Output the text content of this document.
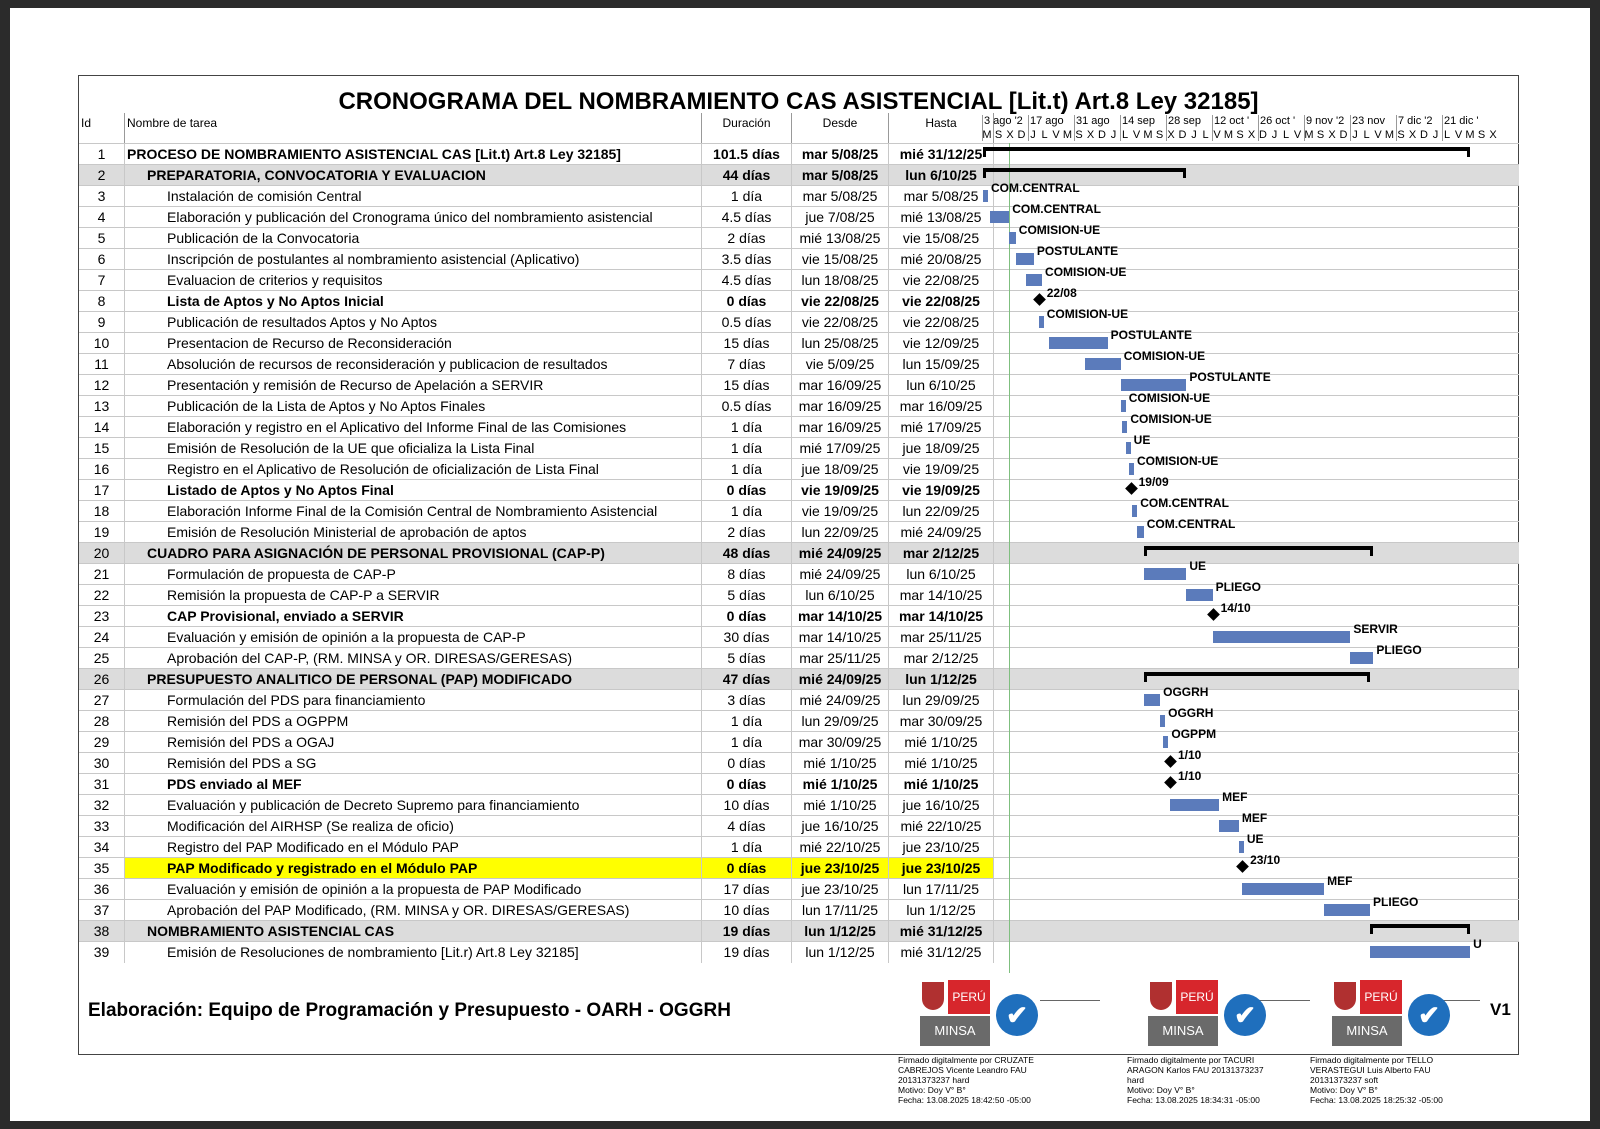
CRONOGRAMA DEL NOMBRAMIENTO CAS ASISTENCIAL [Lit.t) Art.8 Ley 32185]
Id	Nombre de tarea	Duración	Desde	Hasta
1	PROCESO DE NOMBRAMIENTO ASISTENCIAL CAS [Lit.t) Art.8 Ley 32185]	101.5 días	mar 5/08/25	mié 31/12/25
2	PREPARATORIA, CONVOCATORIA Y EVALUACION	44 días	mar 5/08/25	lun 6/10/25
3	Instalación de comisión Central	1 día	mar 5/08/25	mar 5/08/25
4	Elaboración y publicación del Cronograma único del nombramiento asistencial	4.5 días	jue 7/08/25	mié 13/08/25
5	Publicación de la Convocatoria	2 días	mié 13/08/25	vie 15/08/25
6	Inscripción de postulantes al nombramiento asistencial (Aplicativo)	3.5 días	vie 15/08/25	mié 20/08/25
7	Evaluacion de criterios y requisitos	4.5 días	lun 18/08/25	vie 22/08/25
8	Lista de Aptos y No Aptos Inicial	0 días	vie 22/08/25	vie 22/08/25
9	Publicación de resultados Aptos y No Aptos	0.5 días	vie 22/08/25	vie 22/08/25
10	Presentacion de Recurso de Reconsideración	15 días	lun 25/08/25	vie 12/09/25
11	Absolución de recursos de reconsideración y publicacion de resultados	7 días	vie 5/09/25	lun 15/09/25
12	Presentación y remisión de Recurso de Apelación a SERVIR	15 días	mar 16/09/25	lun 6/10/25
13	Publicación de la Lista de Aptos y No Aptos Finales	0.5 días	mar 16/09/25	mar 16/09/25
14	Elaboración y registro en el Aplicativo del Informe Final de las Comisiones	1 día	mar 16/09/25	mié 17/09/25
15	Emisión de Resolución de la UE que oficializa la Lista Final	1 día	mié 17/09/25	jue 18/09/25
16	Registro en el Aplicativo de Resolución de oficialización de Lista Final	1 día	jue 18/09/25	vie 19/09/25
17	Listado de Aptos y No Aptos Final	0 días	vie 19/09/25	vie 19/09/25
18	Elaboración Informe Final de la Comisión Central de Nombramiento Asistencial	1 día	vie 19/09/25	lun 22/09/25
19	Emisión de Resolución Ministerial de aprobación de aptos	2 días	lun 22/09/25	mié 24/09/25
20	CUADRO PARA ASIGNACIÓN DE PERSONAL PROVISIONAL (CAP-P)	48 días	mié 24/09/25	mar 2/12/25
21	Formulación de propuesta de CAP-P	8 días	mié 24/09/25	lun 6/10/25
22	Remisión la propuesta de CAP-P a SERVIR	5 días	lun 6/10/25	mar 14/10/25
23	CAP Provisional, enviado a SERVIR	0 días	mar 14/10/25	mar 14/10/25
24	Evaluación y emisión de opinión a la propuesta de CAP-P	30 días	mar 14/10/25	mar 25/11/25
25	Aprobación del CAP-P, (RM. MINSA y OR. DIRESAS/GERESAS)	5 días	mar 25/11/25	mar 2/12/25
26	PRESUPUESTO ANALITICO DE PERSONAL (PAP) MODIFICADO	47 días	mié 24/09/25	lun 1/12/25
27	Formulación del PDS para financiamiento	3 días	mié 24/09/25	lun 29/09/25
28	Remisión del PDS a OGPPM	1 día	lun 29/09/25	mar 30/09/25
29	Remisión del PDS a OGAJ	1 día	mar 30/09/25	mié 1/10/25
30	Remisión del PDS a SG	0 días	mié 1/10/25	mié 1/10/25
31	PDS enviado al MEF	0 días	mié 1/10/25	mié 1/10/25
32	Evaluación y publicación de Decreto Supremo para financiamiento	10 días	mié 1/10/25	jue 16/10/25
33	Modificación del AIRHSP (Se realiza de oficio)	4 días	jue 16/10/25	mié 22/10/25
34	Registro del PAP Modificado en el Módulo PAP	1 día	mié 22/10/25	jue 23/10/25
35	PAP Modificado y registrado en el Módulo PAP	0 días	jue 23/10/25	jue 23/10/25
36	Evaluación y emisión de opinión a la propuesta de PAP Modificado	17 días	jue 23/10/25	lun 17/11/25
37	Aprobación del PAP Modificado, (RM. MINSA y OR. DIRESAS/GERESAS)	10 días	lun 17/11/25	lun 1/12/25
38	NOMBRAMIENTO ASISTENCIAL CAS	19 días	lun 1/12/25	mié 31/12/25
39	Emisión de Resoluciones de nombramiento [Lit.r) Art.8 Ley 32185]	19 días	lun 1/12/25	mié 31/12/25
3 ago '2 17 ago 31 ago 14 sep 28 sep 12 oct ' 26 oct ' 9 nov '2 23 nov 7 dic '2 21 dic '
M S X D J L V M S X D J L V M S X D J L V M S X D J L V M S X D J L V M S X D J L V M S X
COM.CENTRAL
COM.CENTRAL
COMISION-UE
POSTULANTE
COMISION-UE
22/08
COMISION-UE
POSTULANTE
COMISION-UE
POSTULANTE
COMISION-UE
COMISION-UE
UE
COMISION-UE
19/09
COM.CENTRAL
COM.CENTRAL
UE
PLIEGO
14/10
SERVIR
PLIEGO
OGGRH
OGGRH
OGPPM
1/10
1/10
MEF
MEF
UE
23/10
MEF
PLIEGO
U
Elaboración: Equipo de Programación y Presupuesto - OARH - OGGRH	V1
PERÚ
MINSA
✔
PERÚ
MINSA
✔
PERÚ
MINSA
✔
Firmado digitalmente por CRUZATE
CABREJOS Vicente Leandro FAU
20131373237 hard
Motivo: Doy V° B°
Fecha: 13.08.2025 18:42:50 -05:00
Firmado digitalmente por TACURI
ARAGON Karlos FAU 20131373237
hard
Motivo: Doy V° B°
Fecha: 13.08.2025 18:34:31 -05:00
Firmado digitalmente por TELLO
VERASTEGUI Luis Alberto FAU
20131373237 soft
Motivo: Doy V° B°
Fecha: 13.08.2025 18:25:32 -05:00
